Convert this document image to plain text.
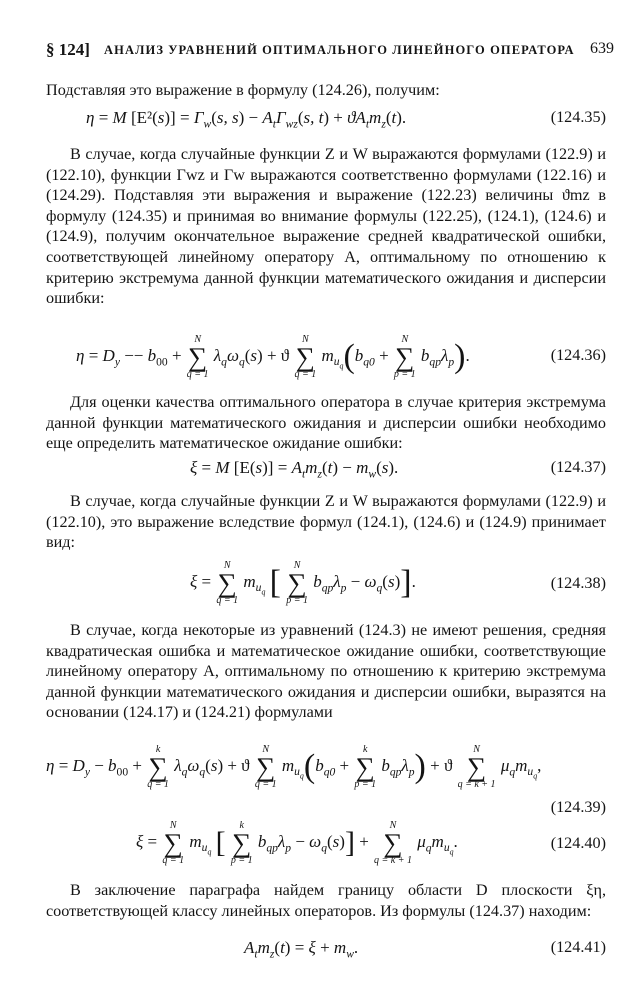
§ 124] АНАЛИЗ УРАВНЕНИЙ ОПТИМАЛЬНОГО ЛИНЕЙНОГО ОПЕРАТОРА 639

Подставляя это выражение в формулу (124.26), получим:

η = M $[E^2(s)] = \Gamma_w(s$, $s) - A_t\Gamma_{wz}(s$, $t) + ϑA_tm_z(t)$.	(124.35)

В случае, когда случайные функции Z и W выражаются формулами (122.9) и (122.10), функции Γwz и Γw выражаются соответственно формулами (122.16) и (124.29). Подставляя эти выражения и выражение (122.23) величины ϑmz в формулу (124.35) и принимая во внимание формулы (122.25), (124.1), (124.6) и (124.9), получим окончательное выражение средней квадратической ошибки, соответствующей линейному оператору A, оптимальному по отношению к критерию экстремума данной функции математического ожидания и дисперсии ошибки:

$\eta = D_y -- b_{00}$ +
N
∑
q = 1
$\lambda_q\omega_q(s) + ϑ$
N
∑
q = 1
$m_{u_q}(b_{q0}$ +
N
∑
p = 1
$b_{qp}\lambda_p$).	(124.36)

Для оценки качества оптимального оператора в случае критерия экстремума данной функции математического ожидания и дисперсии ошибки необходимо еще определить математическое ожидание ошибки:

ξ = M $[E(s)] = A_tm_z(t) - m_w(s)$.	(124.37)

В случае, когда случайные функции Z и W выражаются формулами (122.9) и (122.10), это выражение вследствие формул (124.1), (124.6) и (124.9) принимает вид:

ξ =
N
∑
q = 1
$m_{u_q}$ [	N
∑
p = 1
$b_{qp}\lambda_p - \omega_q(s)$].	(124.38)

В случае, когда некоторые из уравнений (124.3) не имеют решения, средняя квадратическая ошибка и математическое ожидание ошибки, соответствующие линейному оператору A, оптимальному по отношению к критерию экстремума данной функции математического ожидания и дисперсии ошибки, выразятся на основании (124.17) и (124.21) формулами

$\eta = D_y - b_{00}$ +
k
∑
q = 1
$\lambda_q\omega_q(s) + ϑ$
N
∑
q = 1
$m_{u_q}(b_{q0}$ +
k
∑
p = 1
$b_{qp}\lambda_p) + ϑ$
N
∑
q = k + 1
$\mu_qm_{u_q}$,
(124.39)
ξ =
N
∑
q = 1
$m_{u_q}$ [
k
∑
p = 1
$b_{qp}\lambda_p - \omega_q(s)$] +
N
∑
q = k + 1
$\mu_qm_{u_q}$.	(124.40)

В заключение параграфа найдем границу области D плоскости ξη, соответствующей классу линейных операторов. Из формулы (124.37) находим:

$A_tm_z(t) = \xi + m_w$.	(124.41)
